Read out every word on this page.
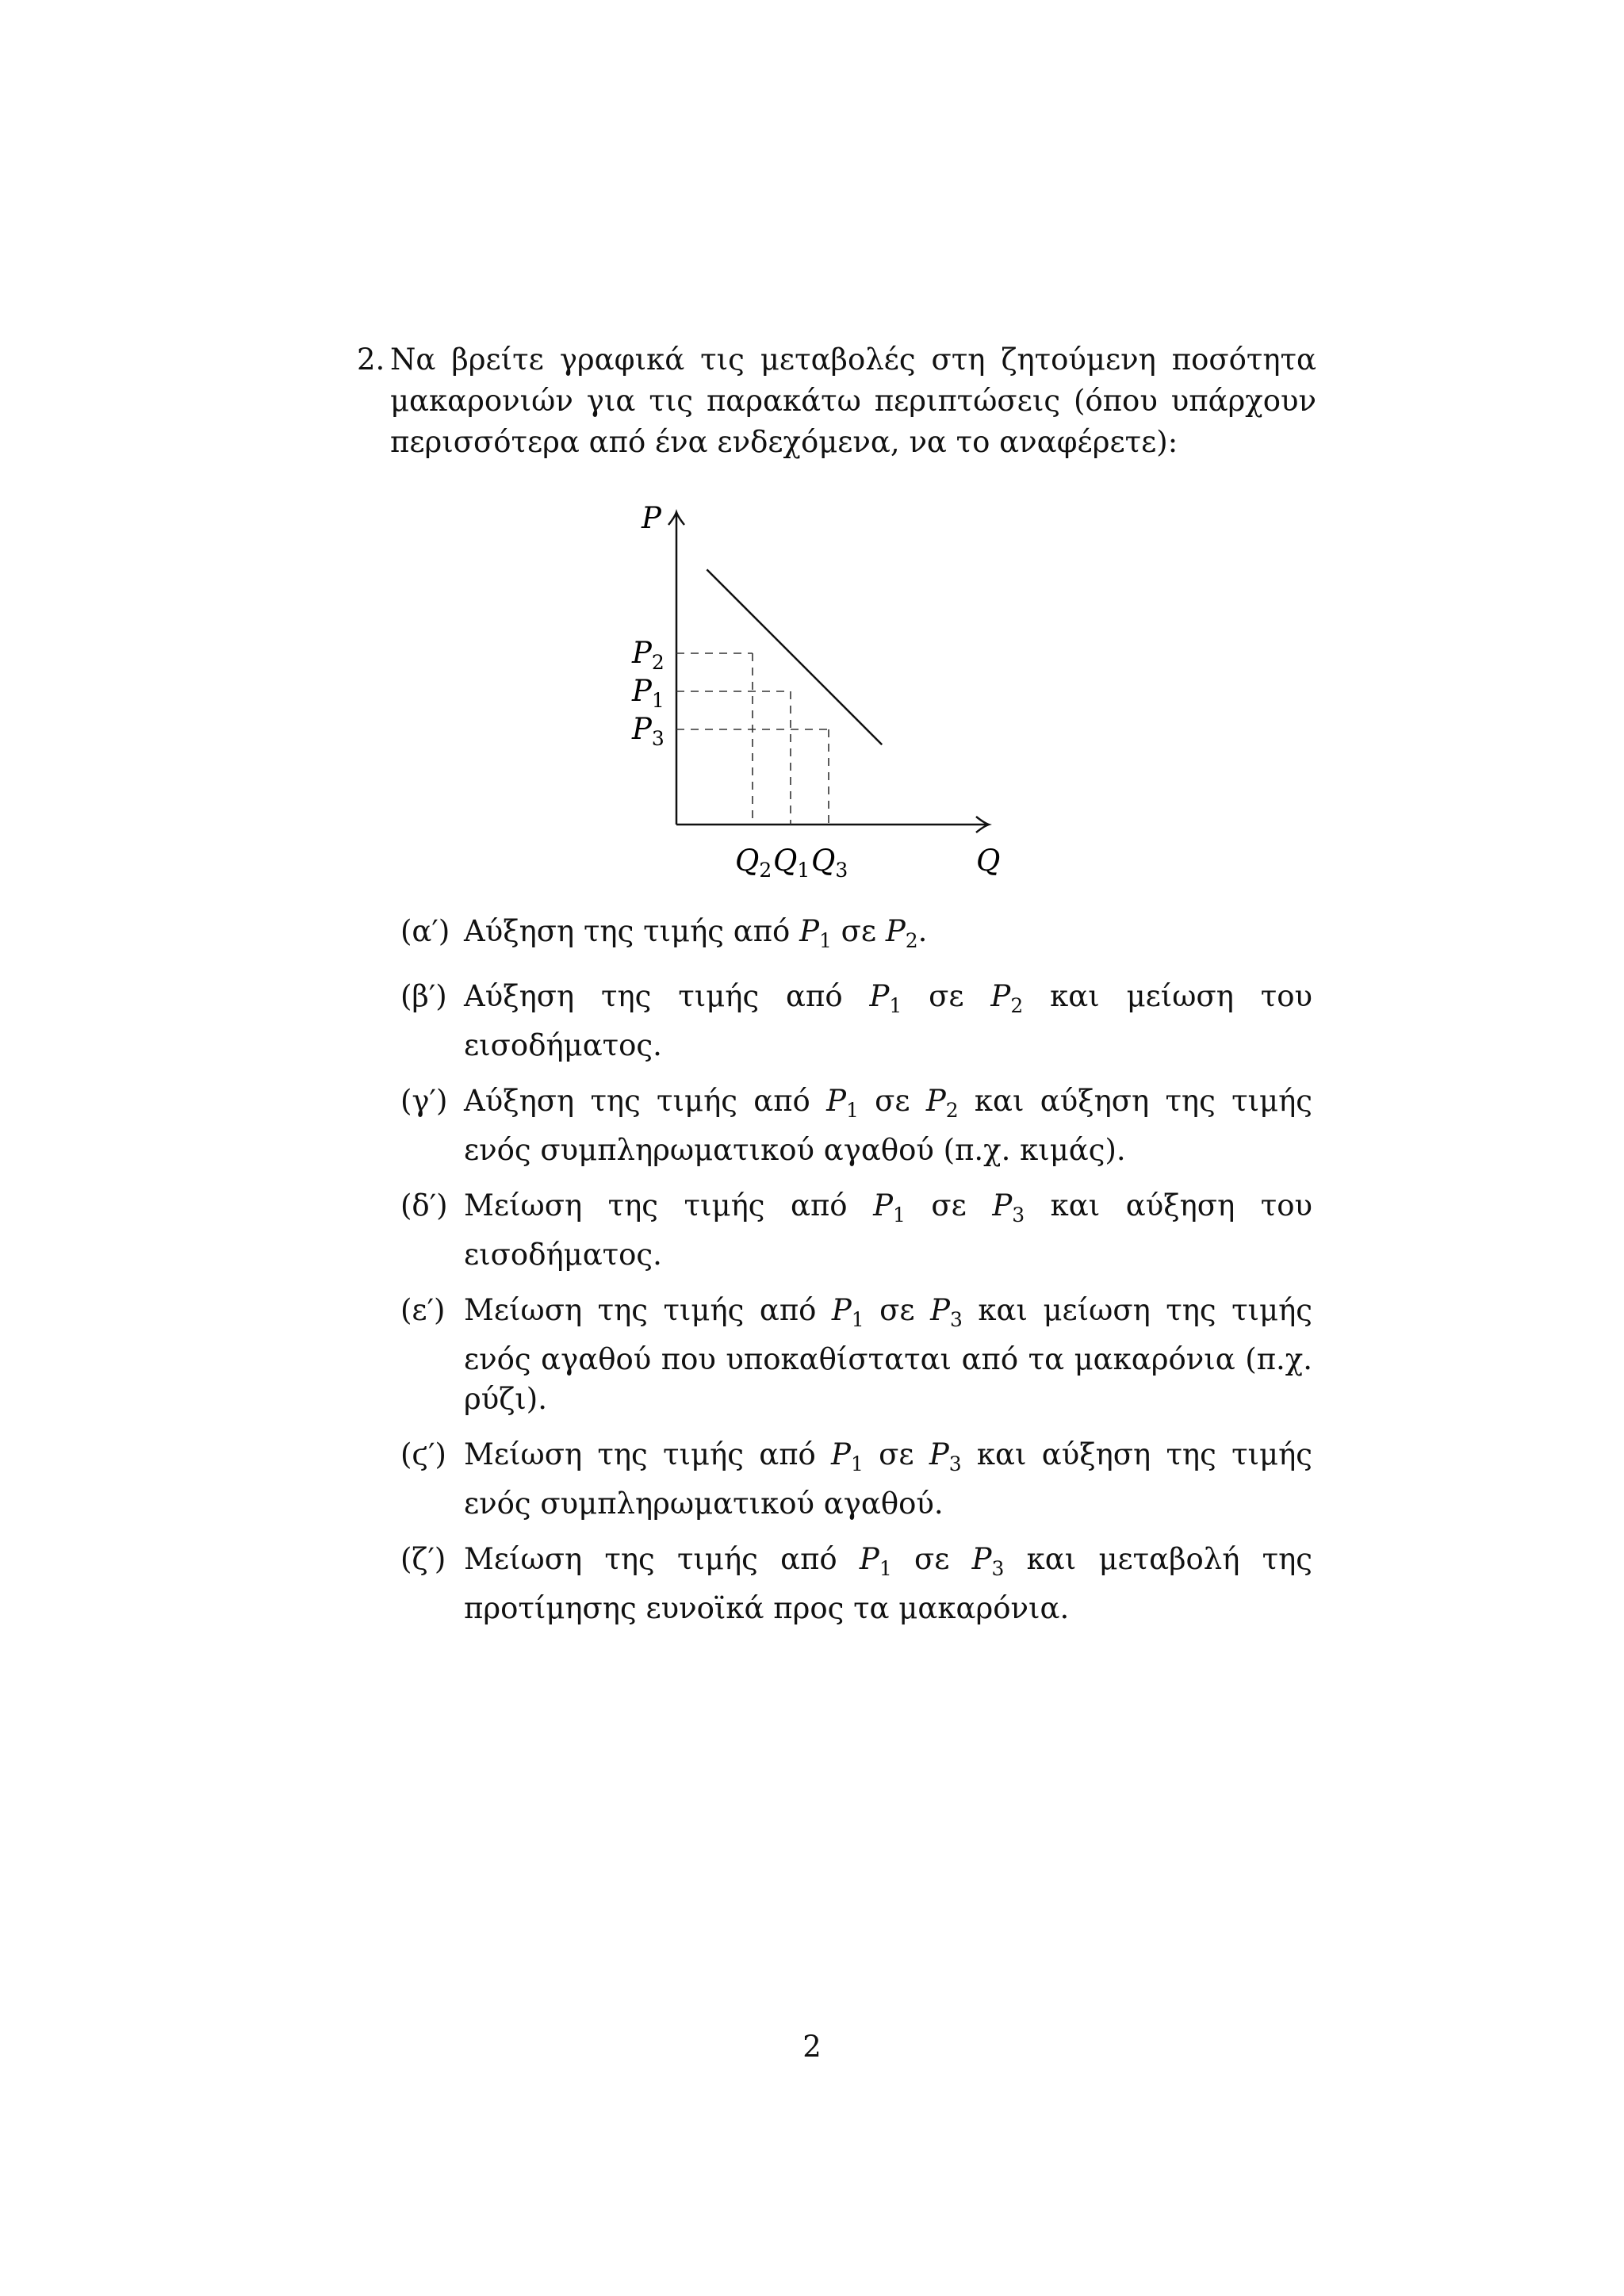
2. Να βρείτε γραφικά τις μεταβολές στη ζητούμενη ποσότητα μακαρονιών για τις παρακάτω περιπτώσεις (όπου υπάρχουν περισσότερα από ένα ενδεχόμενα, να το αναφέρετε):
P
Q
$P_2$
$Q_2$
$P_1$
$Q_1$
$P_3$
$Q_3$
(α′) Αύξηση της τιμής από $P_1$ σε $P_2$.
(β′) Αύξηση της τιμής από $P_1$ σε $P_2$ και μείωση του εισοδήματος.
(γ′) Αύξηση της τιμής από $P_1$ σε $P_2$ και αύξηση της τιμής ενός συμπληρωματικού αγαθού (π.χ. κιμάς).
(δ′) Μείωση της τιμής από $P_1$ σε $P_3$ και αύξηση του εισοδήματος.
(ε′) Μείωση της τιμής από $P_1$ σε $P_3$ και μείωση της τιμής ενός αγαθού που υποκαθίσταται από τα μακαρόνια (π.χ. ρύζι).
(ϛ′) Μείωση της τιμής από $P_1$ σε $P_3$ και αύξηση της τιμής ενός συμπληρωματικού αγαθού.
(ζ′) Μείωση της τιμής από $P_1$ σε $P_3$ και μεταβολή της προτίμησης ευνοϊκά προς τα μακαρόνια.
2
